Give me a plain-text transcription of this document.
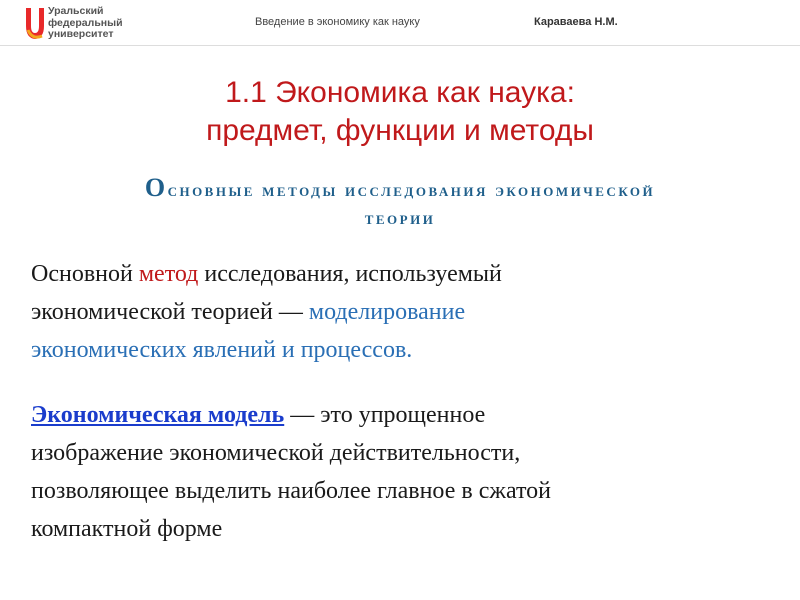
Уральский
федеральный
университет
Введение в экономику как науку	Караваева Н.М.
1.1 Экономика как наука:
предмет, функции и методы
Основные методы исследования экономической
теории
Основной метод исследования, используемый
экономической теорией — моделирование
экономических явлений и процессов.
Экономическая модель — это упрощенное
изображение экономической действительности,
позволяющее выделить наиболее главное в сжатой
компактной форме
